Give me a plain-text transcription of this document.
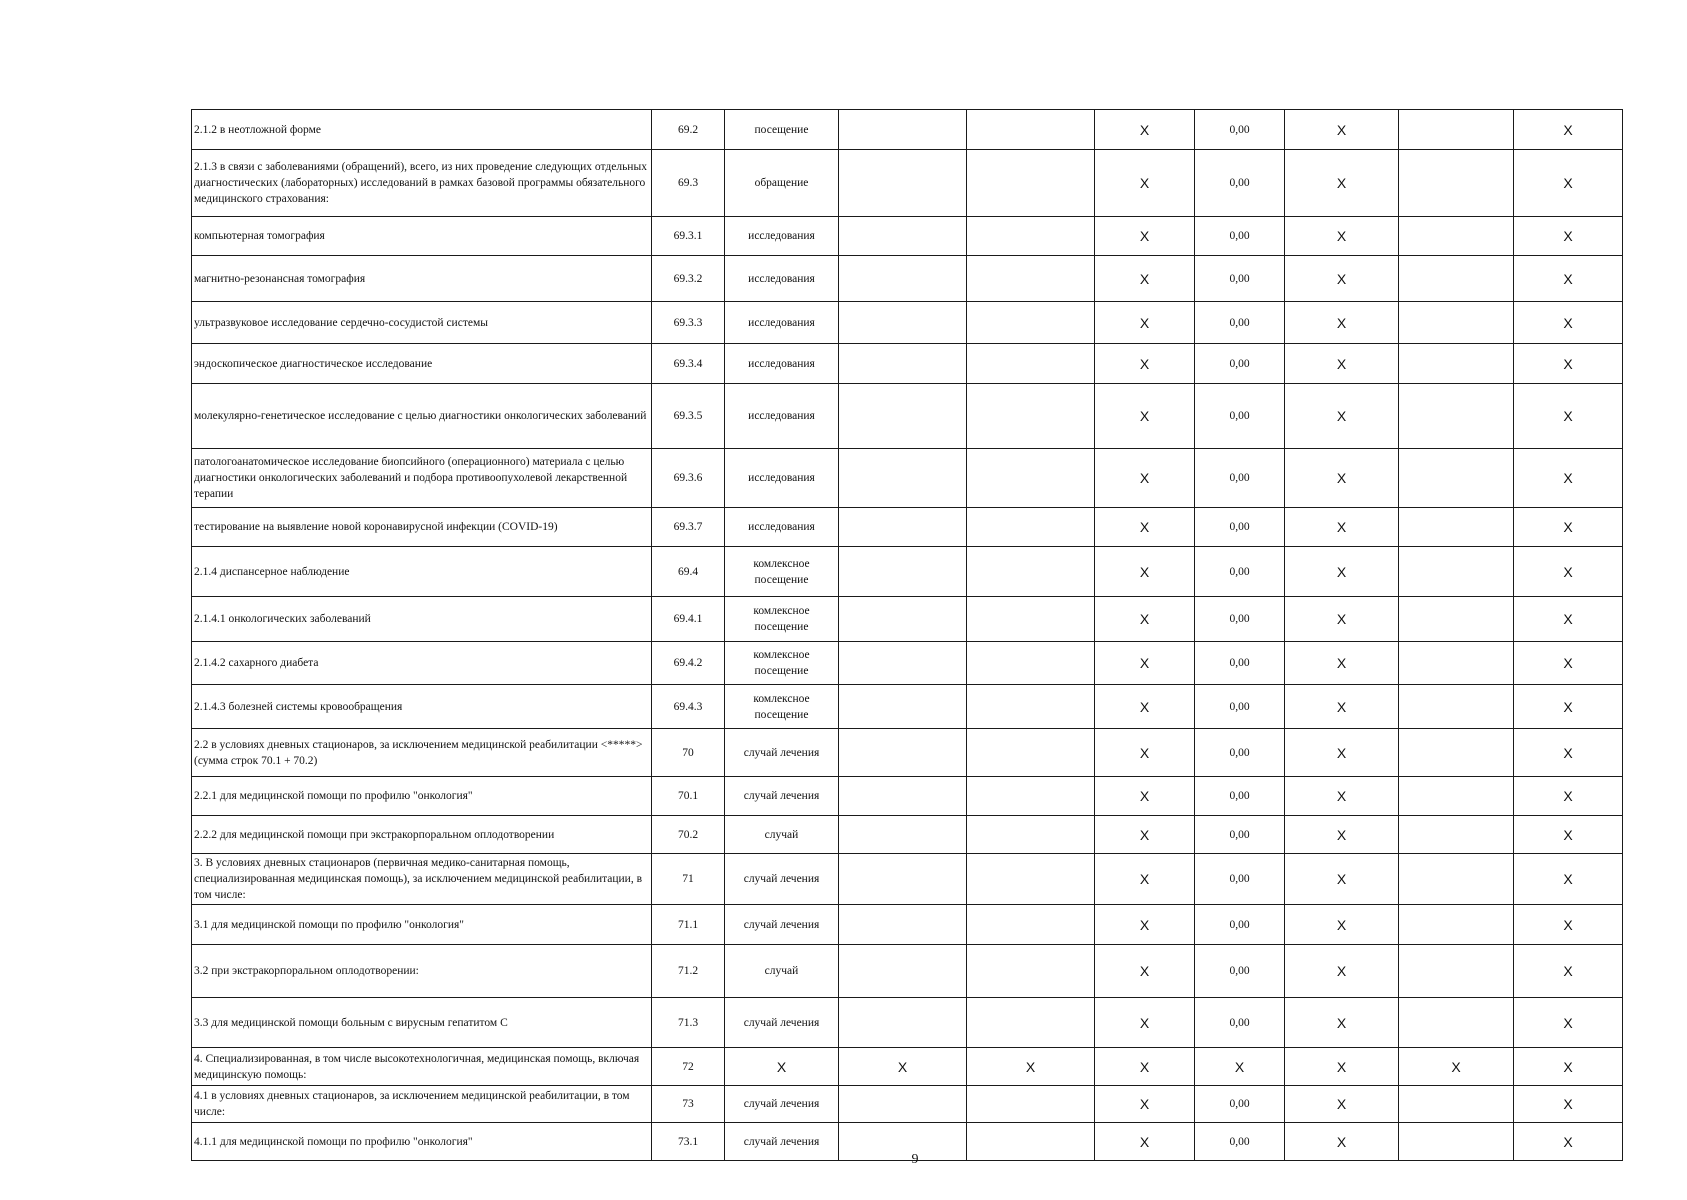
2.1.2 в неотложной форме	69.2	посещение			X	0,00	X		X
2.1.3 в связи с заболеваниями (обращений), всего, из них проведение следующих отдельных диагностических (лабораторных) исследований в рамках базовой программы обязательного медицинского страхования:	69.3	обращение			X	0,00	X		X
компьютерная томография	69.3.1	исследования			X	0,00	X		X
магнитно-резонансная томография	69.3.2	исследования			X	0,00	X		X
ультразвуковое исследование сердечно-сосудистой системы	69.3.3	исследования			X	0,00	X		X
эндоскопическое диагностическое исследование	69.3.4	исследования			X	0,00	X		X
молекулярно-генетическое исследование с целью диагностики онкологических заболеваний	69.3.5	исследования			X	0,00	X		X
патологоанатомическое исследование биопсийного (операционного) материала с целью диагностики онкологических заболеваний и подбора противоопухолевой лекарственной терапии	69.3.6	исследования			X	0,00	X		X
тестирование на выявление новой коронавирусной инфекции (COVID-19)	69.3.7	исследования			X	0,00	X		X
2.1.4 диспансерное наблюдение	69.4	комлексное посещение			X	0,00	X		X
2.1.4.1 онкологических заболеваний	69.4.1	комлексное посещение			X	0,00	X		X
2.1.4.2 сахарного диабета	69.4.2	комлексное посещение			X	0,00	X		X
2.1.4.3 болезней системы кровообращения	69.4.3	комлексное посещение			X	0,00	X		X
2.2 в условиях дневных стационаров, за исключением медицинской реабилитации <*****> (сумма строк 70.1 + 70.2)	70	случай лечения			X	0,00	X		X
2.2.1 для медицинской помощи по профилю "онкология"	70.1	случай лечения			X	0,00	X		X
2.2.2 для медицинской помощи при экстракорпоральном оплодотворении	70.2	случай			X	0,00	X		X
3. В условиях дневных стационаров (первичная медико-санитарная помощь, специализированная медицинская помощь), за исключением медицинской реабилитации, в том числе:	71	случай лечения			X	0,00	X		X
3.1 для медицинской помощи по профилю "онкология"	71.1	случай лечения			X	0,00	X		X
3.2 при экстракорпоральном оплодотворении:	71.2	случай			X	0,00	X		X
3.3 для медицинской помощи больным с вирусным гепатитом С	71.3	случай лечения			X	0,00	X		X
4. Специализированная, в том числе высокотехнологичная, медицинская помощь, включая медицинскую помощь:	72	X	X	X	X	X	X	X	X
4.1 в условиях дневных стационаров, за исключением медицинской реабилитации, в том числе:	73	случай лечения			X	0,00	X		X
4.1.1 для медицинской помощи по профилю "онкология"	73.1	случай лечения			X	0,00	X		X
9
